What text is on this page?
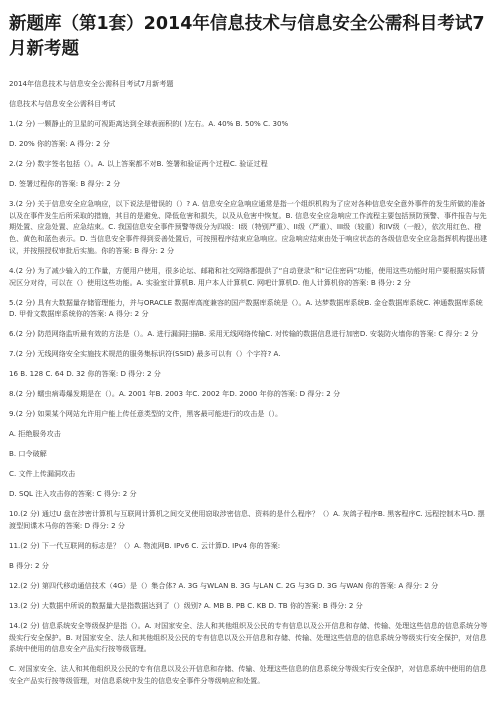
新题库（第1套）2014年信息技术与信息安全公需科目考试7月新考题

2014年信息技术与信息安全公需科目考试7月新考题

信息技术与信息安全公需科目考试

1.(2 分) 一颗静止的卫星的可视距离达到全球表面积的( )左右。A. 40% B. 50% C. 30%

D. 20% 你的答案: A 得分: 2 分

2.(2 分) 数字签名包括（）。A. 以上答案都不对B. 签署和验证两个过程C. 验证过程

D. 签署过程你的答案: B 得分: 2 分

3.(2 分) 关于信息安全应急响应，以下说法是错误的（）? A. 信息安全应急响应通常是指一个组织机构为了应对各种信息安全意外事件的发生所做的准备以及在事件发生后所采取的措施，其目的是避免、降低危害和损失，以及从危害中恢复。B. 信息安全应急响应工作流程主要包括预防预警、事件报告与先期处置、应急处置、应急结束。C. 我国信息安全事件预警等级分为四级：I级（特别严重）、II级（严重）、III级（较重）和IV级（一般），依次用红色、橙色、黄色和蓝色表示。D. 当信息安全事件得到妥善处置后，可按照程序结束应急响应。应急响应结束由处于响应状态的各级信息安全应急指挥机构提出建议，并按照授权审批后实施。你的答案: B 得分: 2 分

4.(2 分) 为了减少输入的工作量，方便用户使用，很多论坛、邮箱和社交网络都提供了“自动登录”和“记住密码”功能，使用这些功能时用户要根据实际情况区分对待，可以在（）使用这些功能。A. 实验室计算机B. 用户本人计算机C. 网吧计算机D. 他人计算机你的答案: B 得分: 2 分

5.(2 分) 具有大数据量存储管理能力，并与ORACLE 数据库高度兼容的国产数据库系统是（）。A. 达梦数据库系统B. 金仓数据库系统C. 神通数据库系统D. 甲骨文数据库系统你的答案: A 得分: 2 分

6.(2 分) 防范网络监听最有效的方法是（）。A. 进行漏洞扫描B. 采用无线网络传输C. 对传输的数据信息进行加密D. 安装防火墙你的答案: C 得分: 2 分

7.(2 分) 无线网络安全实施技术规范的服务集标识符(SSID) 最多可以有（）个字符? A.

16 B. 128 C. 64 D. 32 你的答案: D 得分: 2 分

8.(2 分) 蠕虫病毒爆发期是在（）。A. 2001 年B. 2003 年C. 2002 年D. 2000 年你的答案: D 得分: 2 分

9.(2 分) 如果某个网站允许用户能上传任意类型的文件，黑客最可能进行的攻击是（）。

A. 拒绝服务攻击

B. 口令破解

C. 文件上传漏洞攻击

D. SQL 注入攻击你的答案: C 得分: 2 分

10.(2 分) 通过U 盘在涉密计算机与互联网计算机之间交叉使用窃取涉密信息、资料的是什么程序？（）A. 灰鸽子程序B. 黑客程序C. 远程控制木马D. 摆渡型间谍木马你的答案: D 得分: 2 分

11.(2 分) 下一代互联网的标志是？（）A. 物流网B. IPv6 C. 云计算D. IPv4 你的答案:

B 得分: 2 分

12.(2 分) 第四代移动通信技术（4G）是（）集合体? A. 3G 与WLAN B. 3G 与LAN C. 2G 与3G D. 3G 与WAN 你的答案: A 得分: 2 分

13.(2 分) 大数据中所说的数据量大是指数据达到了（）级别? A. MB B. PB C. KB D. TB 你的答案: B 得分: 2 分

14.(2 分) 信息系统安全等级保护是指（）。A. 对国家安全、法人和其他组织及公民的专有信息以及公开信息和存储、传输、处理这些信息的信息系统分等级实行安全保护。B. 对国家安全、法人和其他组织及公民的专有信息以及公开信息和存储、传输、处理这些信息的信息系统分等级实行安全保护，对信息系统中使用的信息安全产品实行按等级管理。

C. 对国家安全、法人和其他组织及公民的专有信息以及公开信息和存储、传输、处理这些信息的信息系统分等级实行安全保护，对信息系统中使用的信息安全产品实行按等级管理，对信息系统中发生的信息安全事件分等级响应和处置。
